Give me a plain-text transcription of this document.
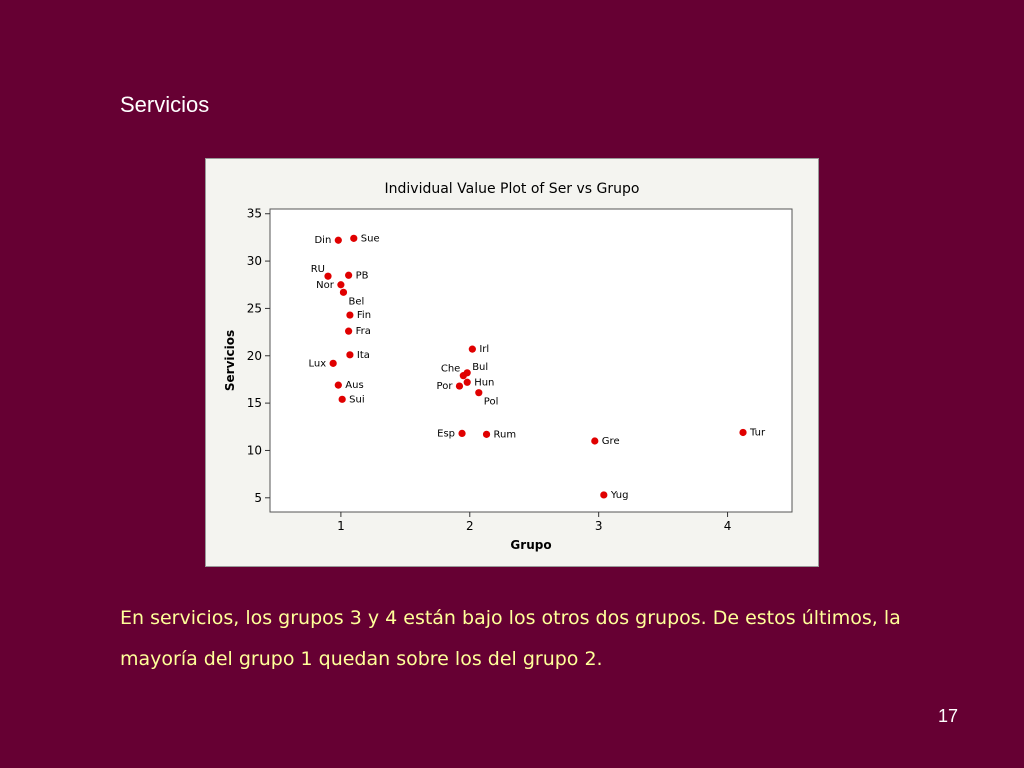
Servicios
Individual Value Plot of Ser vs Grupo
5
10
15
20
25
30
35
1	2	3	4
Din	Sue
RU
PB
Nor
Bel
Fin
Fra
Ita
Lux
Aus
Sui
Irl
Bul
Che
Hun
Por
Pol
Esp	Rum
Gre
Yug
Tur
Grupo
Servicios
En servicios, los grupos 3 y 4 están bajo los otros dos grupos. De estos últimos, la mayoría del grupo 1 quedan sobre los del grupo 2.
17
